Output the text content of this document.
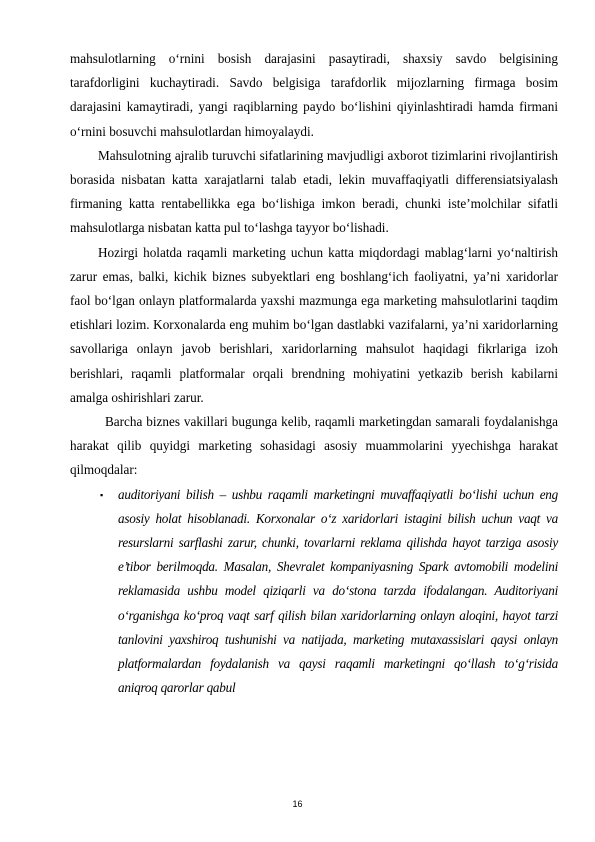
mahsulotlarning o‘rnini bosish darajasini pasaytiradi, shaxsiy savdo belgisining tarafdorligini kuchaytiradi. Savdo belgisiga tarafdorlik mijozlarning firmaga bosim darajasini kamaytiradi, yangi raqiblarning paydo bo‘lishini qiyinlashtiradi hamda firmani o‘rnini bosuvchi mahsulotlardan himoyalaydi.

Mahsulotning ajralib turuvchi sifatlarining mavjudligi axborot tizimlarini rivojlantirish borasida nisbatan katta xarajatlarni talab etadi, lekin muvaffaqiyatli differensiatsiyalash firmaning katta rentabellikka ega bo‘lishiga imkon beradi, chunki iste’molchilar sifatli mahsulotlarga nisbatan katta pul to‘lashga tayyor bo‘lishadi.

Hozirgi holatda raqamli marketing uchun katta miqdordagi mablag‘larni yo‘naltirish zarur emas, balki, kichik biznes subyektlari eng boshlang‘ich faoliyatni, ya’ni xaridorlar faol bo‘lgan onlayn platformalarda yaxshi mazmunga ega marketing mahsulotlarini taqdim etishlari lozim. Korxonalarda eng muhim bo‘lgan dastlabki vazifalarni, ya’ni xaridorlarning savollariga onlayn javob berishlari, xaridorlarning mahsulot haqidagi fikrlariga izoh berishlari, raqamli platformalar orqali brendning mohiyatini yetkazib berish kabilarni amalga oshirishlari zarur.

Barcha biznes vakillari bugunga kelib, raqamli marketingdan samarali foydalanishga harakat qilib quyidgi marketing sohasidagi asosiy muammolarini yyechishga harakat qilmoqdalar:

▪ auditoriyani bilish – ushbu raqamli marketingni muvaffaqiyatli bo‘lishi uchun eng asosiy holat hisoblanadi. Korxonalar o‘z xaridorlari istagini bilish uchun vaqt va resurslarni sarflashi zarur, chunki, tovarlarni reklama qilishda hayot tarziga asosiy e’tibor berilmoqda. Masalan, Shevralet kompaniyasning Spark avtomobili modelini reklamasida ushbu model qiziqarli va do‘stona tarzda ifodalangan. Auditoriyani o‘rganishga ko‘proq vaqt sarf qilish bilan xaridorlarning onlayn aloqini, hayot tarzi tanlovini yaxshiroq tushunishi va natijada, marketing mutaxassislari qaysi onlayn platformalardan foydalanish va qaysi raqamli marketingni qo‘llash to‘g‘risida aniqroq qarorlar qabul
16
